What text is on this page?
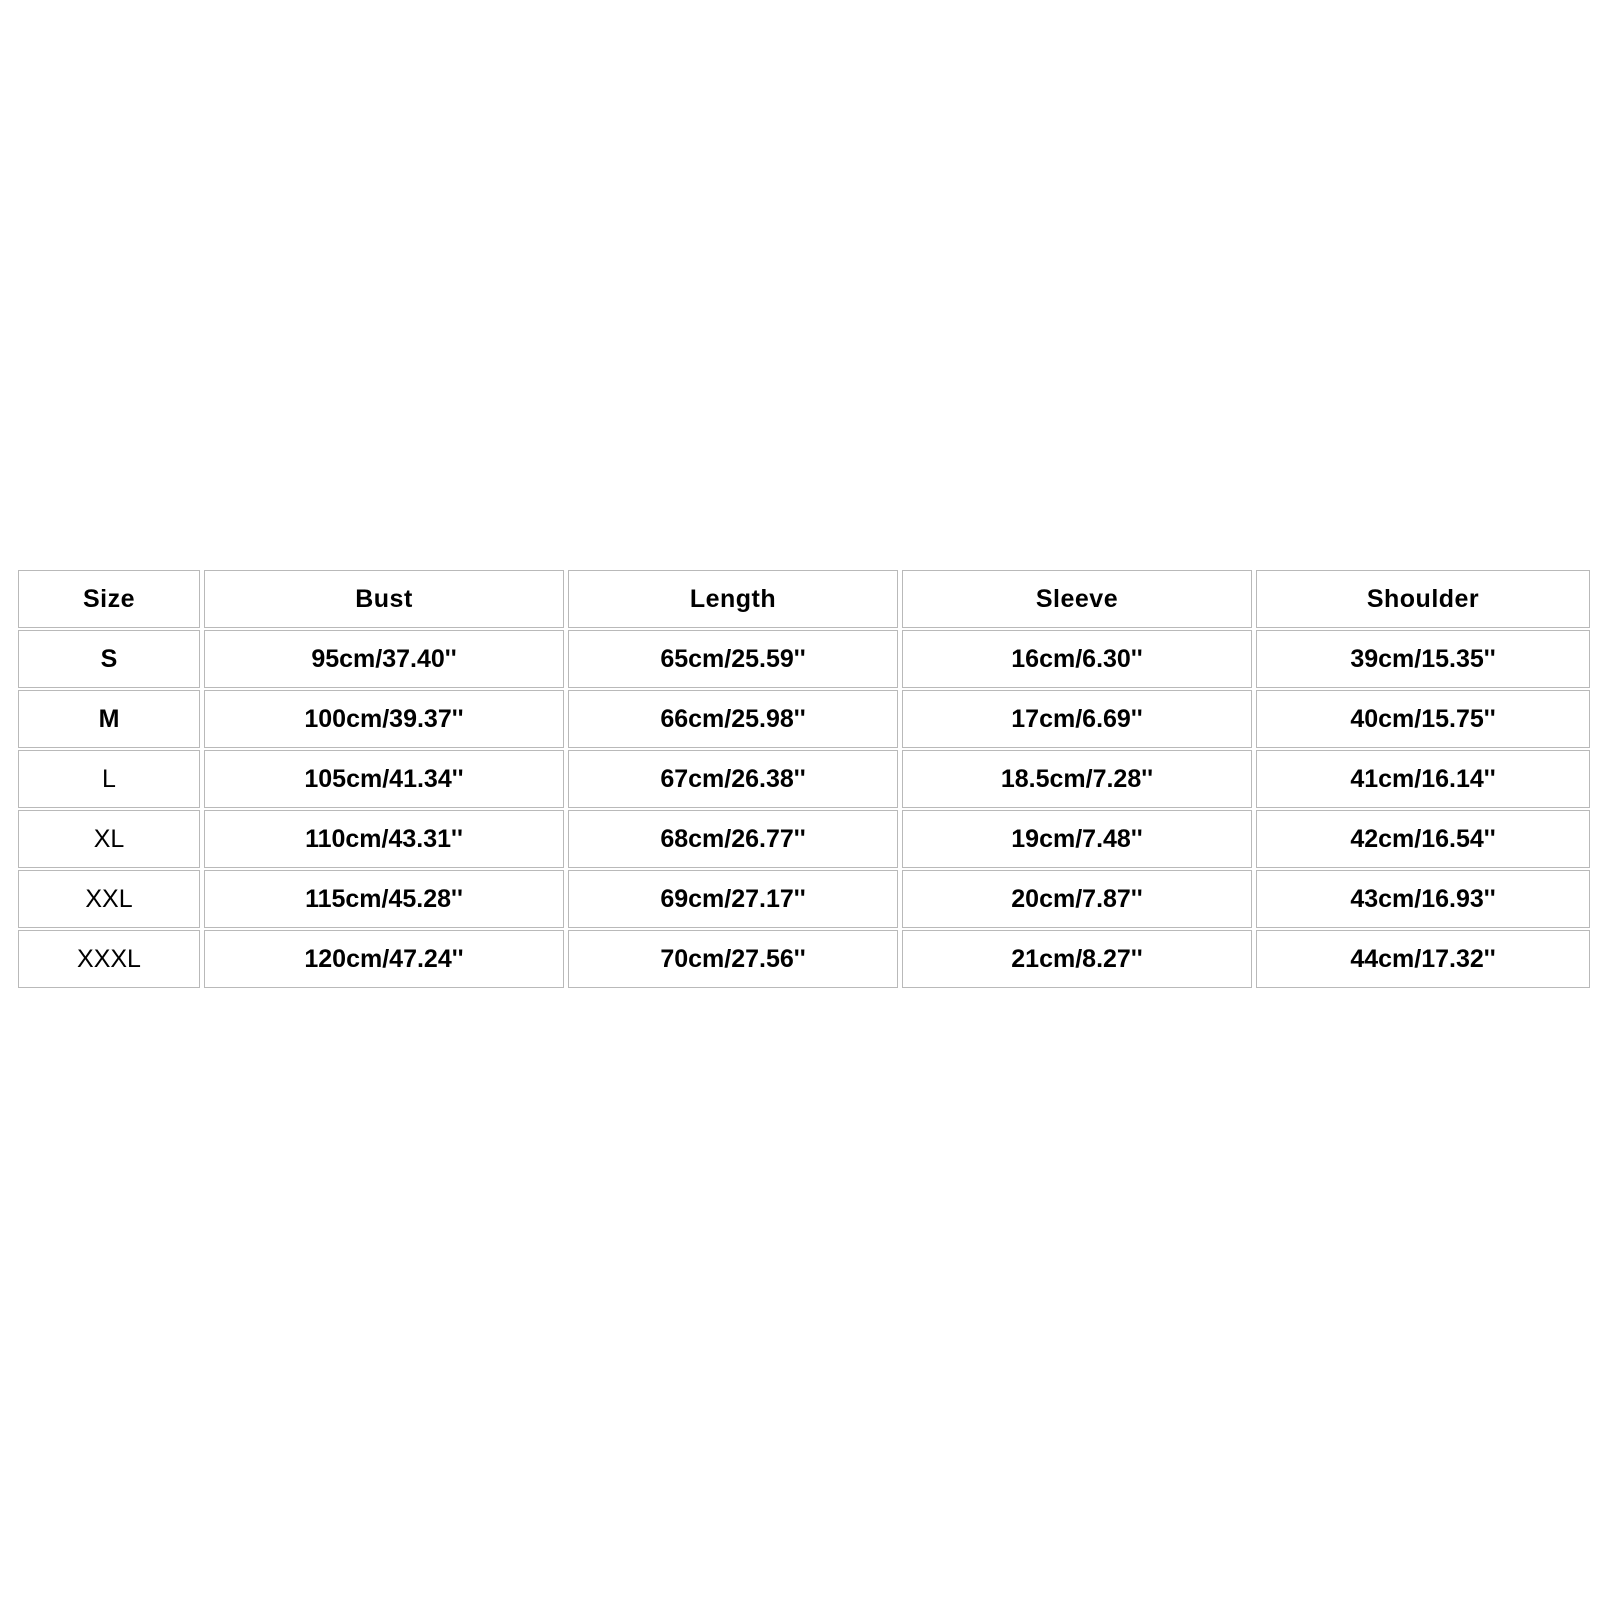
Size	Bust	Length	Sleeve	Shoulder
S	95cm/37.40''	65cm/25.59''	16cm/6.30''	39cm/15.35''
M	100cm/39.37''	66cm/25.98''	17cm/6.69''	40cm/15.75''
L	105cm/41.34''	67cm/26.38''	18.5cm/7.28''	41cm/16.14''
XL	110cm/43.31''	68cm/26.77''	19cm/7.48''	42cm/16.54''
XXL	115cm/45.28''	69cm/27.17''	20cm/7.87''	43cm/16.93''
XXXL	120cm/47.24''	70cm/27.56''	21cm/8.27''	44cm/17.32''
